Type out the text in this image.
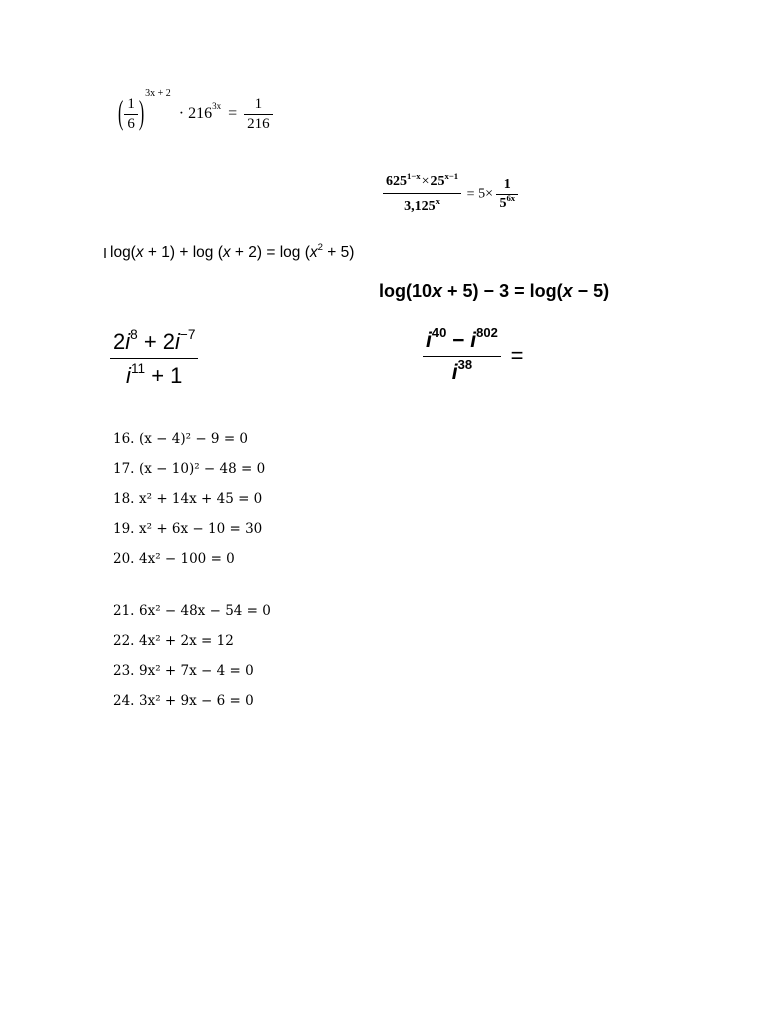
( $\frac{1}{6} )^{3x + 2} \cdot 216^{3x} = \frac{1}{216}$
$\frac{625^{1-x}\times 25^{x-1}}{3,125^x} = 5\times \frac{1}{5^{6x}}$
$\log(x + 1) + \log (x + 2) = \log (x^2 + 5)$
log(10x + 5) − 3 = log(x − 5)
$\frac{2i^8 + 2i^{-7}}{i^{11} + 1}$	$\frac{i^{40} - i^{802}}{i^{38}}$ =
16. (x − 4)² − 9 = 0
17. (x − 10)² − 48 = 0
18. x² + 14x + 45 = 0
19. x² + 6x − 10 = 30
20. 4x² − 100 = 0
21. 6x² − 48x − 54 = 0
22. 4x² + 2x = 12
23. 9x² + 7x − 4 = 0
24. 3x² + 9x − 6 = 0
